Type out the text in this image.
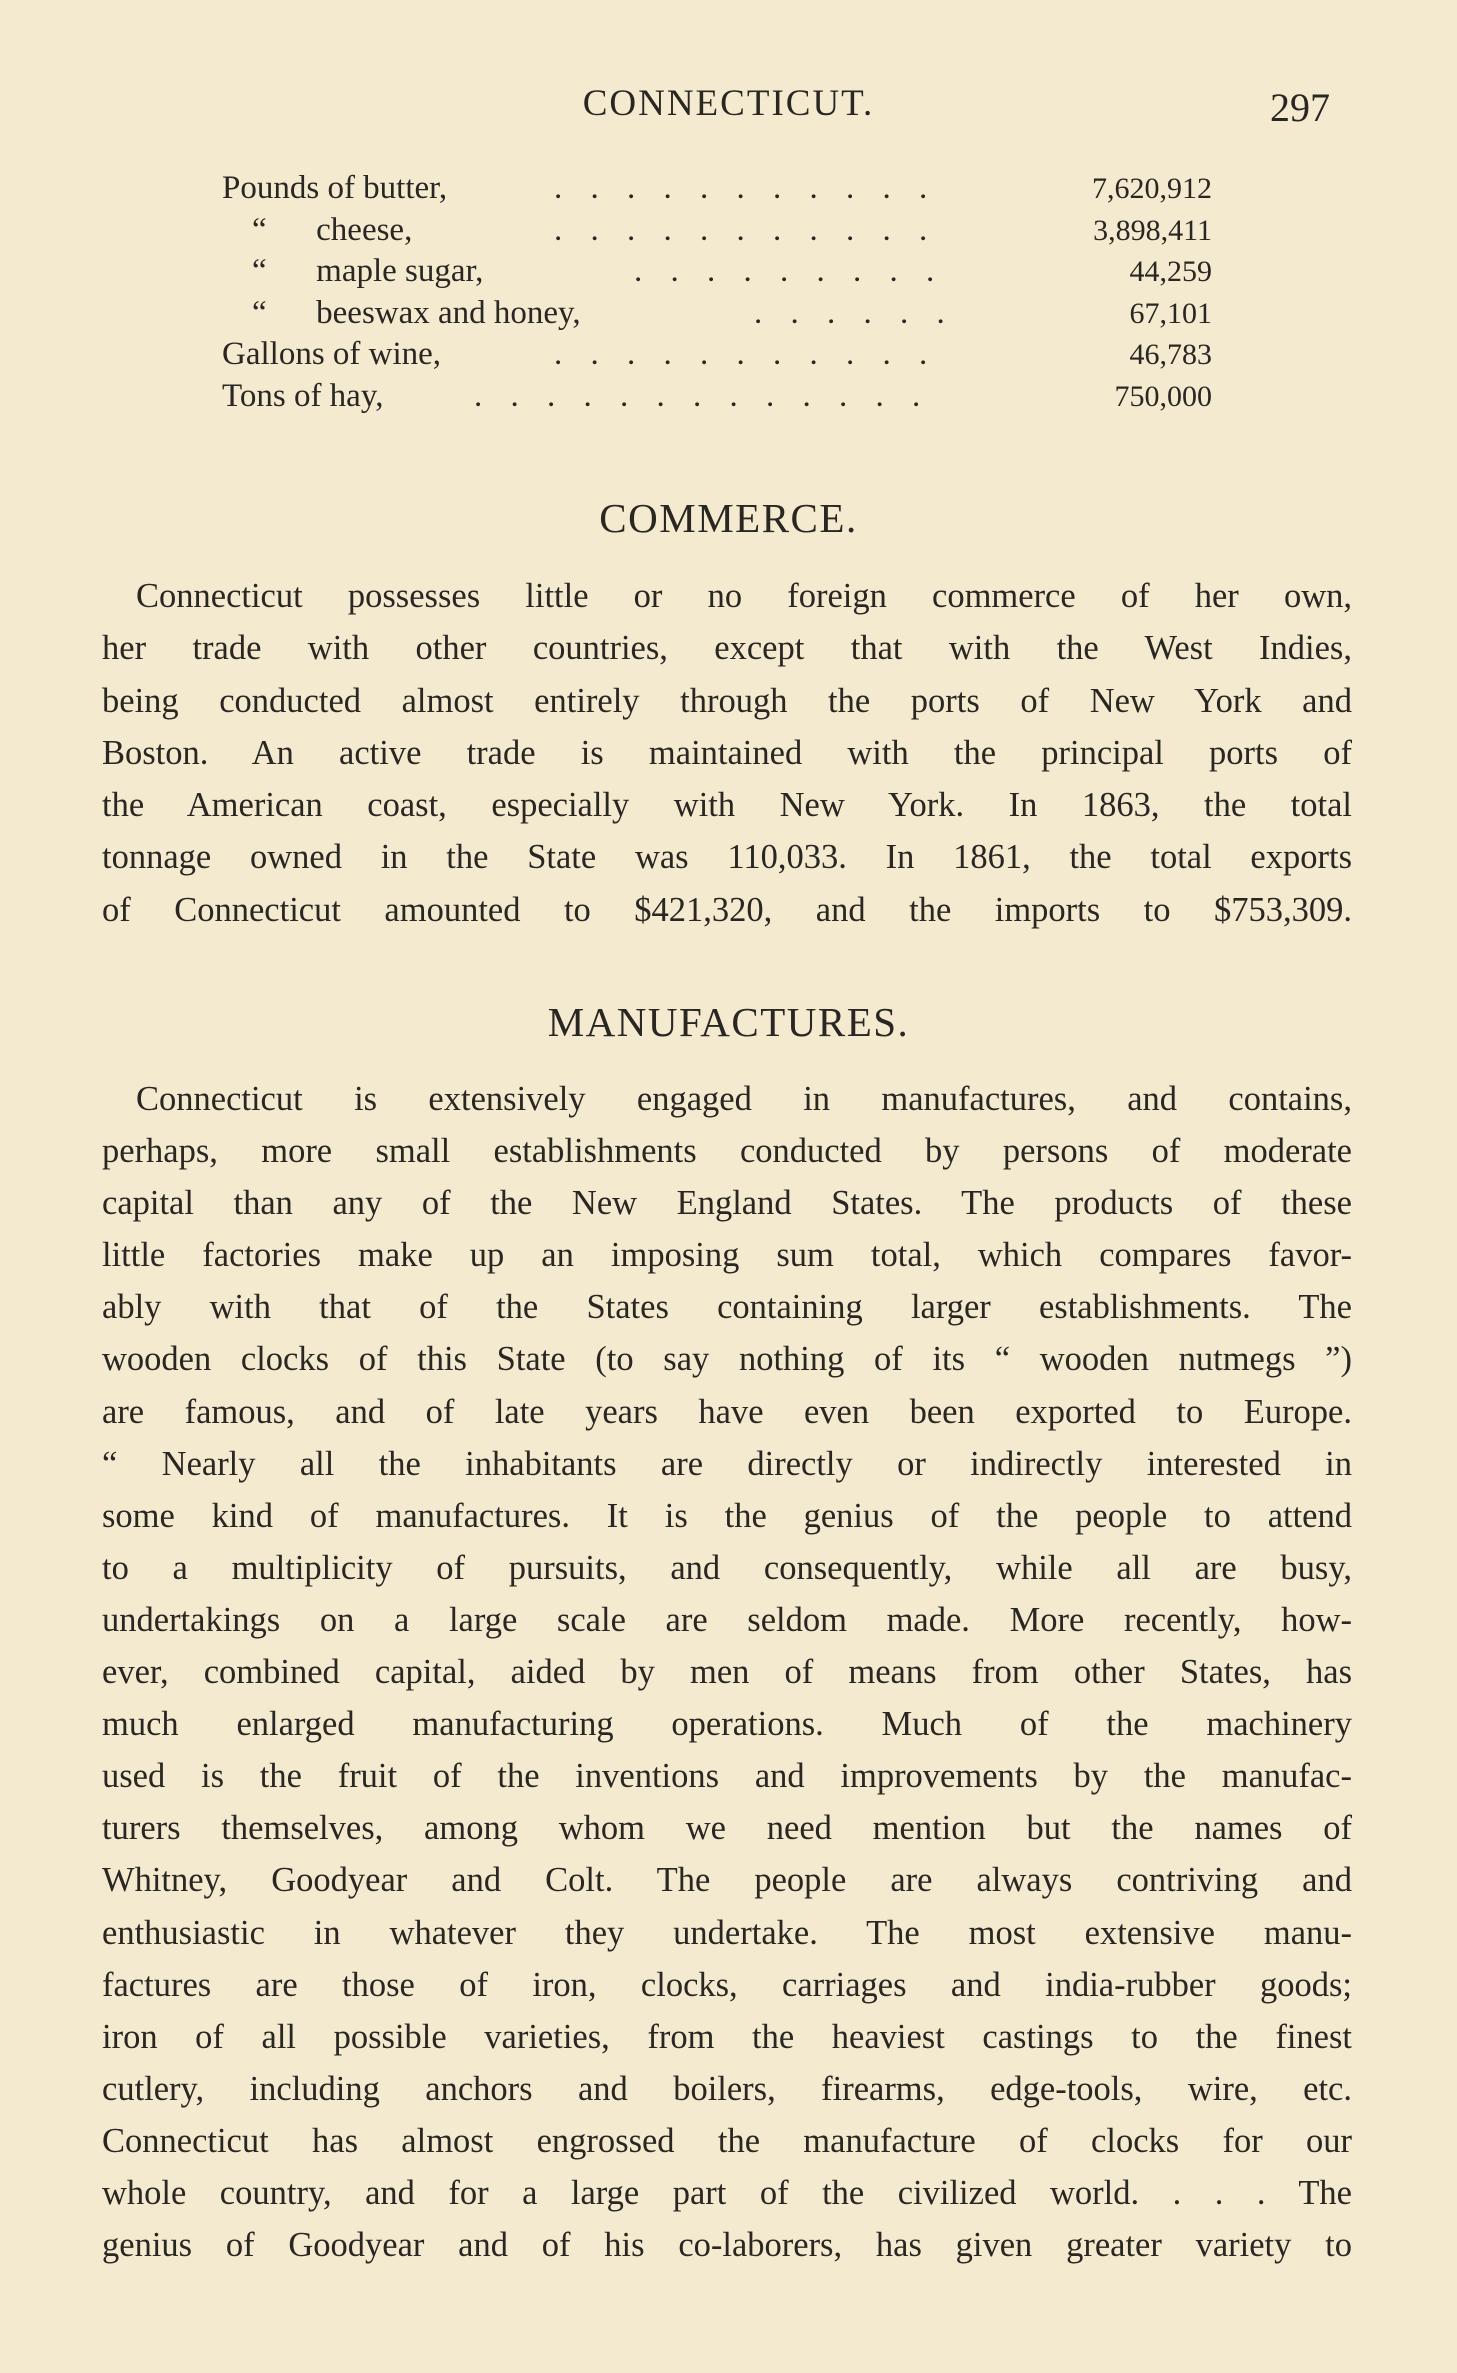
CONNECTICUT.	297
Pounds of butter,	. . . . . . . . . . .	7,620,912
“      cheese,	. . . . . . . . . . .	3,898,411
“      maple sugar,	. . . . . . . . .	44,259
“      beeswax and honey,	. . . . . .	67,101
Gallons of wine,	. . . . . . . . . . .	46,783
Tons of hay,	. . . . . . . . . . . . .	750,000
COMMERCE.
Connecticut possesses little or no foreign commerce of her own,
her trade with other countries, except that with the West Indies,
being conducted almost entirely through the ports of New York and
Boston. An active trade is maintained with the principal ports of
the American coast, especially with New York. In 1863, the total
tonnage owned in the State was 110,033. In 1861, the total exports
of Connecticut amounted to $421,320, and the imports to $753,309.
MANUFACTURES.
Connecticut is extensively engaged in manufactures, and contains,
perhaps, more small establishments conducted by persons of moderate
capital than any of the New England States. The products of these
little factories make up an imposing sum total, which compares favor-
ably with that of the States containing larger establishments. The
wooden clocks of this State (to say nothing of its “ wooden nutmegs ”)
are famous, and of late years have even been exported to Europe.
“ Nearly all the inhabitants are directly or indirectly interested in
some kind of manufactures. It is the genius of the people to attend
to a multiplicity of pursuits, and consequently, while all are busy,
undertakings on a large scale are seldom made. More recently, how-
ever, combined capital, aided by men of means from other States, has
much enlarged manufacturing operations. Much of the machinery
used is the fruit of the inventions and improvements by the manufac-
turers themselves, among whom we need mention but the names of
Whitney, Goodyear and Colt. The people are always contriving and
enthusiastic in whatever they undertake. The most extensive manu-
factures are those of iron, clocks, carriages and india-rubber goods;
iron of all possible varieties, from the heaviest castings to the finest
cutlery, including anchors and boilers, firearms, edge-tools, wire, etc.
Connecticut has almost engrossed the manufacture of clocks for our
whole country, and for a large part of the civilized world. . . . The
genius of Goodyear and of his co-laborers, has given greater variety to
